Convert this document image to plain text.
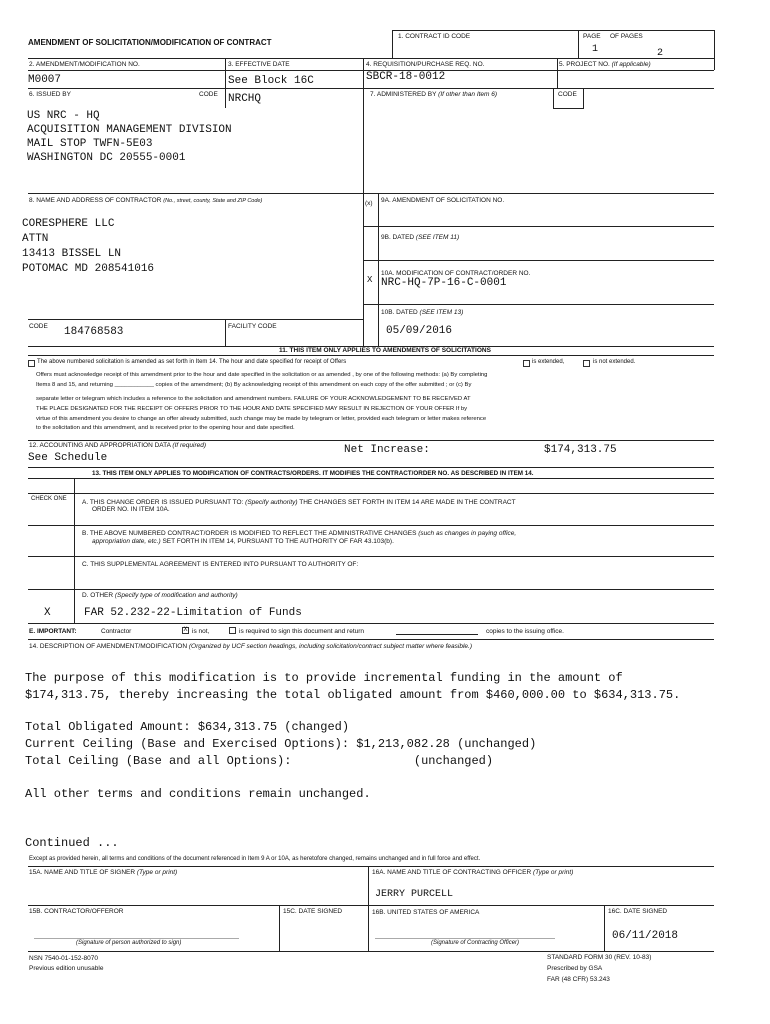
AMENDMENT OF SOLICITATION/MODIFICATION OF CONTRACT
1. CONTRACT ID CODE	PAGE OF PAGES
1	2
2. AMENDMENT/MODIFICATION NO.
M0007
3. EFFECTIVE DATE
See Block 16C
4. REQUISITION/PURCHASE REQ. NO.
SBCR-18-0012
5. PROJECT NO. (If applicable)
6. ISSUED BY	CODE NRCHQ	7. ADMINISTERED BY (If other than Item 6)	CODE
US NRC - HQ
ACQUISITION MANAGEMENT DIVISION
MAIL STOP TWFN-5E03
WASHINGTON DC 20555-0001
8. NAME AND ADDRESS OF CONTRACTOR (No., street, county, State and ZIP Code)
CORESPHERE LLC
ATTN
13413 BISSEL LN
POTOMAC MD 208541016
(x) 9A. AMENDMENT OF SOLICITATION NO.
9B. DATED (SEE ITEM 11)
10A. MODIFICATION OF CONTRACT/ORDER NO.
X NRC-HQ-7P-16-C-0001
10B. DATED (SEE ITEM 13)
05/09/2016
CODE 184768583	FACILITY CODE
11. THIS ITEM ONLY APPLIES TO AMENDMENTS OF SOLICITATIONS
The above numbered solicitation is amended as set forth in Item 14. The hour and date specified for receipt of Offers	is extended,	is not extended.
Offers must acknowledge receipt of this amendment prior to the hour and date specified in the solicitation or as amended , by one of the following methods: (a) By completing
Items 8 and 15, and returning ____________ copies of the amendment; (b) By acknowledging receipt of this amendment on each copy of the offer submitted ; or (c) By
separate letter or telegram which includes a reference to the solicitation and amendment numbers. FAILURE OF YOUR ACKNOWLEDGEMENT TO BE RECEIVED AT
THE PLACE DESIGNATED FOR THE RECEIPT OF OFFERS PRIOR TO THE HOUR AND DATE SPECIFIED MAY RESULT IN REJECTION OF YOUR OFFER If by
virtue of this amendment you desire to change an offer already submitted, such change may be made by telegram or letter, provided each telegram or letter makes reference
to the solicitation and this amendment, and is received prior to the opening hour and date specified.
12. ACCOUNTING AND APPROPRIATION DATA (If required)
See Schedule
Net Increase:	$174,313.75
13. THIS ITEM ONLY APPLIES TO MODIFICATION OF CONTRACTS/ORDERS. IT MODIFIES THE CONTRACT/ORDER NO. AS DESCRIBED IN ITEM 14.
CHECK ONE A. THIS CHANGE ORDER IS ISSUED PURSUANT TO: (Specify authority) THE CHANGES SET FORTH IN ITEM 14 ARE MADE IN THE CONTRACT
ORDER NO. IN ITEM 10A.
B. THE ABOVE NUMBERED CONTRACT/ORDER IS MODIFIED TO REFLECT THE ADMINISTRATIVE CHANGES (such as changes in paying office,
appropriation date, etc.) SET FORTH IN ITEM 14, PURSUANT TO THE AUTHORITY OF FAR 43.103(b).
C. THIS SUPPLEMENTAL AGREEMENT IS ENTERED INTO PURSUANT TO AUTHORITY OF:
D. OTHER (Specify type of modification and authority)
X	FAR 52.232-22-Limitation of Funds
E. IMPORTANT:	Contractor	X is not,	is required to sign this document and return	copies to the issuing office.
14. DESCRIPTION OF AMENDMENT/MODIFICATION (Organized by UCF section headings, including solicitation/contract subject matter where feasible.)
The purpose of this modification is to provide incremental funding in the amount of
$174,313.75, thereby increasing the total obligated amount from $460,000.00 to $634,313.75.
Total Obligated Amount: $634,313.75 (changed)
Current Ceiling (Base and Exercised Options): $1,213,082.28 (unchanged)
Total Ceiling (Base and all Options):                 (unchanged)
All other terms and conditions remain unchanged.
Continued ...
Except as provided herein, all terms and conditions of the document referenced in Item 9 A or 10A, as heretofore changed, remains unchanged and in full force and effect.
15A. NAME AND TITLE OF SIGNER (Type or print)	16A. NAME AND TITLE OF CONTRACTING OFFICER (Type or print)
JERRY PURCELL
15B. CONTRACTOR/OFFEROR	15C. DATE SIGNED	16B. UNITED STATES OF AMERICA	16C. DATE SIGNED
06/11/2018
(Signature of person authorized to sign)	(Signature of Contracting Officer)
NSN 7540-01-152-8070
Previous edition unusable
STANDARD FORM 30 (REV. 10-83)
Prescribed by GSA
FAR (48 CFR) 53.243
